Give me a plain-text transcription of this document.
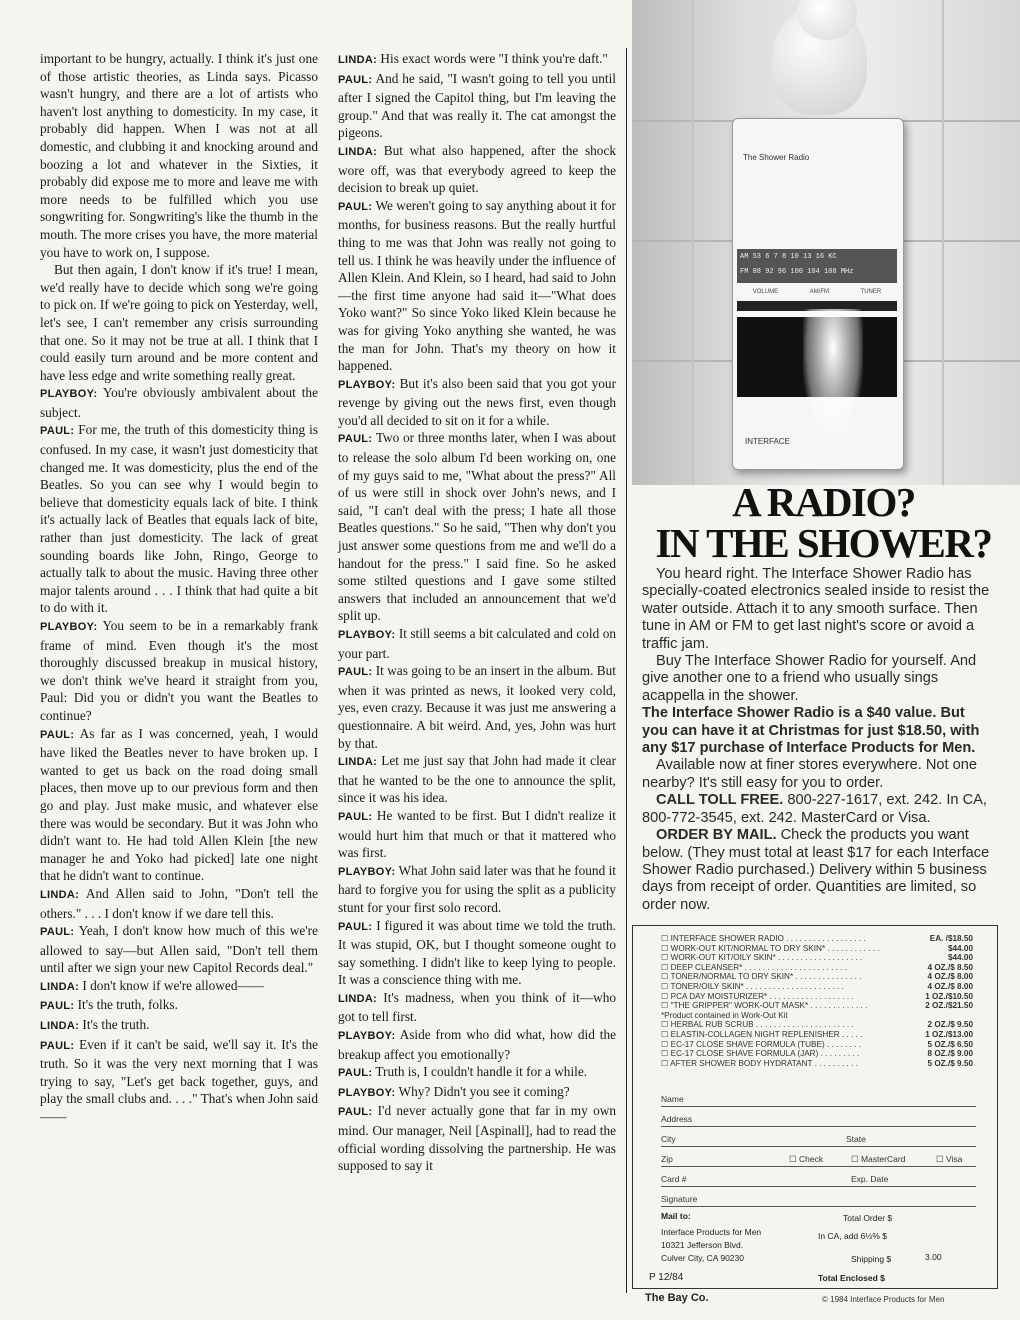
important to be hungry, actually. I think it's just one of those artistic theories, as Linda says. Picasso wasn't hungry, and there are a lot of artists who haven't lost anything to domesticity. In my case, it probably did happen. When I was not at all domestic, and clubbing it and knocking around and boozing a lot and whatever in the Sixties, it probably did expose me to more and leave me with more needs to be fulfilled which you use songwriting for. Songwriting's like the thumb in the mouth. The more crises you have, the more material you have to work on, I suppose.

But then again, I don't know if it's true! I mean, we'd really have to decide which song we're going to pick on. If we're going to pick on Yesterday, well, let's see, I can't remember any crisis surrounding that one. So it may not be true at all. I think that I could easily turn around and be more content and have less edge and write something really great.

PLAYBOY: You're obviously ambivalent about the subject.

PAUL: For me, the truth of this domesticity thing is confused. In my case, it wasn't just domesticity that changed me. It was domesticity, plus the end of the Beatles. So you can see why I would begin to believe that domesticity equals lack of bite. I think it's actually lack of Beatles that equals lack of bite, rather than just domesticity. The lack of great sounding boards like John, Ringo, George to actually talk to about the music. Having three other major talents around . . . I think that had quite a bit to do with it.

PLAYBOY: You seem to be in a remarkably frank frame of mind. Even though it's the most thoroughly discussed breakup in musical history, we don't think we've heard it straight from you, Paul: Did you or didn't you want the Beatles to continue?

PAUL: As far as I was concerned, yeah, I would have liked the Beatles never to have broken up. I wanted to get us back on the road doing small places, then move up to our previous form and then go and play. Just make music, and whatever else there was would be secondary. But it was John who didn't want to. He had told Allen Klein [the new manager he and Yoko had picked] late one night that he didn't want to continue.

LINDA: And Allen said to John, "Don't tell the others." . . . I don't know if we dare tell this.

PAUL: Yeah, I don't know how much of this we're allowed to say—but Allen said, "Don't tell them until after we sign your new Capitol Records deal."

LINDA: I don't know if we're allowed——

PAUL: It's the truth, folks.

LINDA: It's the truth.

PAUL: Even if it can't be said, we'll say it. It's the truth. So it was the very next morning that I was trying to say, "Let's get back together, guys, and play the small clubs and. . . ." That's when John said——

LINDA: His exact words were "I think you're daft."

PAUL: And he said, "I wasn't going to tell you until after I signed the Capitol thing, but I'm leaving the group." And that was really it. The cat amongst the pigeons.

LINDA: But what also happened, after the shock wore off, was that everybody agreed to keep the decision to break up quiet.

PAUL: We weren't going to say anything about it for months, for business reasons. But the really hurtful thing to me was that John was really not going to tell us. I think he was heavily under the influence of Allen Klein. And Klein, so I heard, had said to John—the first time anyone had said it—"What does Yoko want?" So since Yoko liked Klein because he was for giving Yoko anything she wanted, he was the man for John. That's my theory on how it happened.

PLAYBOY: But it's also been said that you got your revenge by giving out the news first, even though you'd all decided to sit on it for a while.

PAUL: Two or three months later, when I was about to release the solo album I'd been working on, one of my guys said to me, "What about the press?" All of us were still in shock over John's news, and I said, "I can't deal with the press; I hate all those Beatles questions." So he said, "Then why don't you just answer some questions from me and we'll do a handout for the press." I said fine. So he asked some stilted questions and I gave some stilted answers that included an announcement that we'd split up.

PLAYBOY: It still seems a bit calculated and cold on your part.

PAUL: It was going to be an insert in the album. But when it was printed as news, it looked very cold, yes, even crazy. Because it was just me answering a questionnaire. A bit weird. And, yes, John was hurt by that.

LINDA: Let me just say that John had made it clear that he wanted to be the one to announce the split, since it was his idea.

PAUL: He wanted to be first. But I didn't realize it would hurt him that much or that it mattered who was first.

PLAYBOY: What John said later was that he found it hard to forgive you for using the split as a publicity stunt for your first solo record.

PAUL: I figured it was about time we told the truth. It was stupid, OK, but I thought someone ought to say something. I didn't like to keep lying to people. It was a conscience thing with me.

LINDA: It's madness, when you think of it—who got to tell first.

PLAYBOY: Aside from who did what, how did the breakup affect you emotionally?

PAUL: Truth is, I couldn't handle it for a while.

PLAYBOY: Why? Didn't you see it coming?

PAUL: I'd never actually gone that far in my own mind. Our manager, Neil [Aspinall], had to read the official wording dissolving the partnership. He was supposed to say it

The Shower Radio
AM 53 6 7 8 10 13 16 KC
FM 88 92 96 100 104 108 MHz
VOLUME	AM/FM	TUNER
INTERFACE
A RADIO?
IN THE SHOWER?

You heard right. The Interface Shower Radio has specially-coated electronics sealed inside to resist the water outside. Attach it to any smooth surface. Then tune in AM or FM to get last night's score or avoid a traffic jam.

Buy The Interface Shower Radio for yourself. And give another one to a friend who usually sings acappella in the shower.

The Interface Shower Radio is a $40 value. But you can have it at Christmas for just $18.50, with any $17 purchase of Interface Products for Men.

Available now at finer stores everywhere. Not one nearby? It's still easy for you to order.

CALL TOLL FREE. 800-227-1617, ext. 242. In CA, 800-772-3545, ext. 242. MasterCard or Visa.

ORDER BY MAIL. Check the products you want below. (They must total at least $17 for each Interface Shower Radio purchased.) Delivery within 5 business days from receipt of order. Quantities are limited, so order now.

☐ INTERFACE SHOWER RADIO . . . . . . . . . . . . . . . . . .	EA. /$18.50
☐ WORK-OUT KIT/NORMAL TO DRY SKIN* . . . . . . . . . . . .	$44.00
☐ WORK-OUT KIT/OILY SKIN* . . . . . . . . . . . . . . . . . . .	$44.00
☐ DEEP CLEANSER* . . . . . . . . . . . . . . . . . . . . . . .	4 OZ./$ 8.50
☐ TONER/NORMAL TO DRY SKIN* . . . . . . . . . . . . . . .	4 OZ./$ 8.00
☐ TONER/OILY SKIN* . . . . . . . . . . . . . . . . . . . . . .	4 OZ./$ 8.00
☐ PCA DAY MOISTURIZER* . . . . . . . . . . . . . . . . . . .	1 OZ./$10.50
☐ "THE GRIPPER" WORK-OUT MASK* . . . . . . . . . . . . .	2 OZ./$21.50
*Product contained in Work-Out Kit
☐ HERBAL RUB SCRUB . . . . . . . . . . . . . . . . . . . . . .	2 OZ./$ 9.50
☐ ELASTIN-COLLAGEN NIGHT REPLENISHER . . . . .	1 OZ./$13.00
☐ EC-17 CLOSE SHAVE FORMULA (TUBE) . . . . . . . .	5 OZ./$ 6.50
☐ EC-17 CLOSE SHAVE FORMULA (JAR) . . . . . . . . .	8 OZ./$ 9.00
☐ AFTER SHOWER BODY HYDRATANT . . . . . . . . . .	5 OZ./$ 9.50
Name
Address
City	State
Zip	☐ Check	☐ MasterCard	☐ Visa
Card #	Exp. Date
Signature
Mail to:
Interface Products for Men
10321 Jefferson Blvd.
Culver City, CA 90230
Total Order $
In CA, add 6½% $
Shipping $	3.00
Total Enclosed $
P 12/84
The Bay Co.	© 1984 Interface Products for Men
